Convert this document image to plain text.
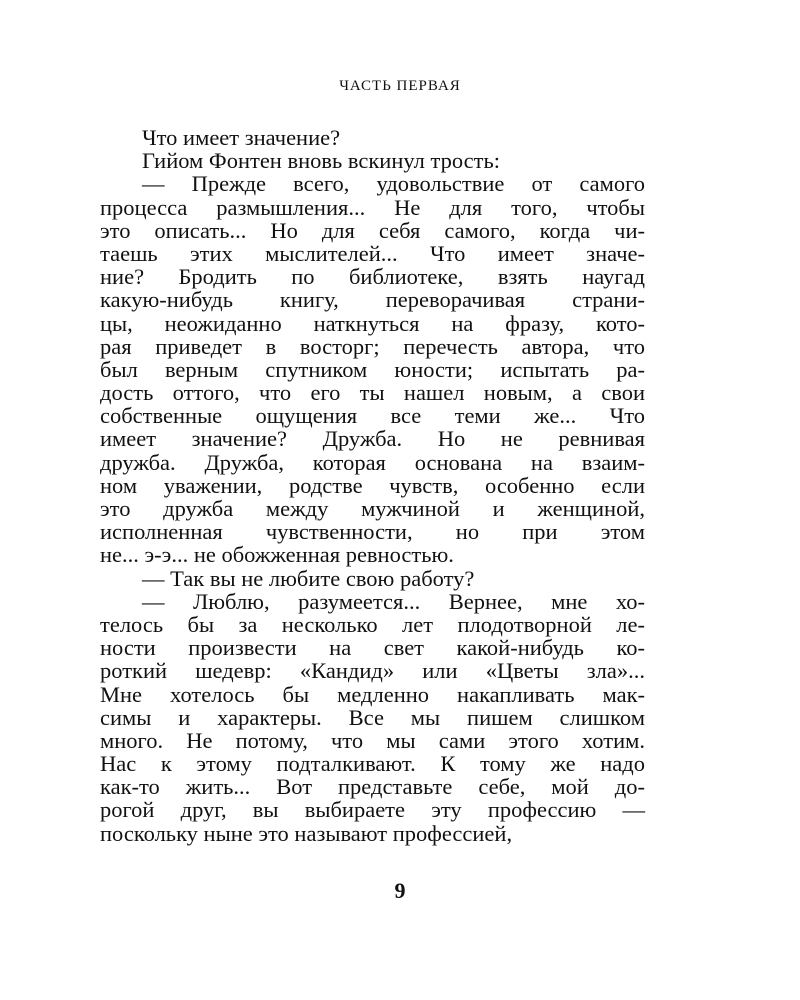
ЧАСТЬ ПЕРВАЯ
Что имеет значение?
Гийом Фонтен вновь вскинул трость:
— Прежде всего, удовольствие от самого
процесса размышления... Не для того, чтобы
это описать... Но для себя самого, когда чи-
таешь этих мыслителей... Что имеет значе-
ние? Бродить по библиотеке, взять наугад
какую-нибудь книгу, переворачивая страни-
цы, неожиданно наткнуться на фразу, кото-
рая приведет в восторг; перечесть автора, что
был верным спутником юности; испытать ра-
дость оттого, что его ты нашел новым, а свои
собственные ощущения все теми же... Что
имеет значение? Дружба. Но не ревнивая
дружба. Дружба, которая основана на взаим-
ном уважении, родстве чувств, особенно если
это дружба между мужчиной и женщиной,
исполненная чувственности, но при этом
не... э-э... не обожженная ревностью.
— Так вы не любите свою работу?
— Люблю, разумеется... Вернее, мне хо-
телось бы за несколько лет плодотворной ле-
ности произвести на свет какой-нибудь ко-
роткий шедевр: «Кандид» или «Цветы зла»...
Мне хотелось бы медленно накапливать мак-
симы и характеры. Все мы пишем слишком
много. Не потому, что мы сами этого хотим.
Нас к этому подталкивают. К тому же надо
как-то жить... Вот представьте себе, мой до-
рогой друг, вы выбираете эту профессию —
поскольку ныне это называют профессией,
9
